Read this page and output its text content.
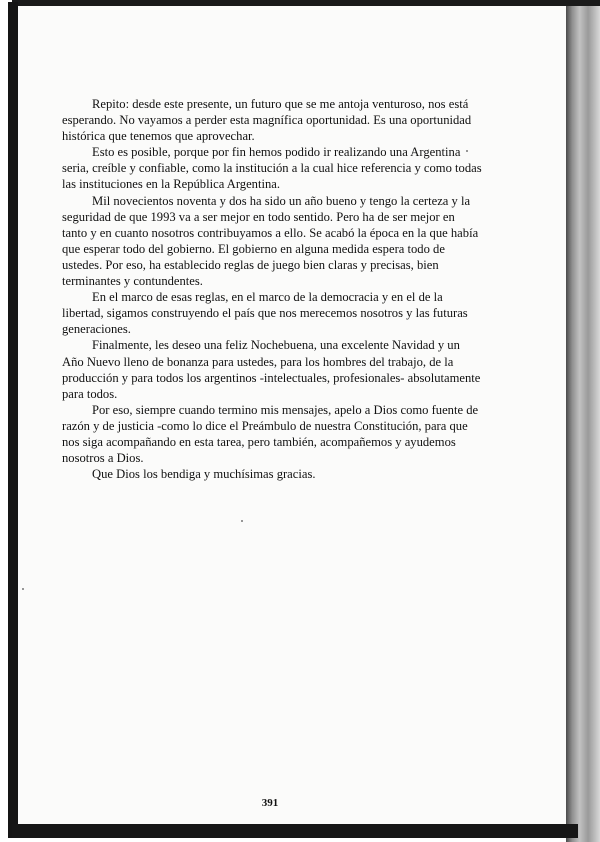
Repito: desde este presente, un futuro que se me antoja venturoso, nos está esperando. No vayamos a perder esta magnífica oportunidad. Es una oportunidad histórica que tenemos que aprovechar.

Esto es posible, porque por fin hemos podido ir realizando una Argentina seria, creíble y confiable, como la institución a la cual hice referencia y como todas las instituciones en la República Argentina.

Mil novecientos noventa y dos ha sido un año bueno y tengo la certeza y la seguridad de que 1993 va a ser mejor en todo sentido. Pero ha de ser mejor en tanto y en cuanto nosotros contribuyamos a ello. Se acabó la época en la que había que esperar todo del gobierno. El gobierno en alguna medida espera todo de ustedes. Por eso, ha establecido reglas de juego bien claras y precisas, bien terminantes y contundentes.

En el marco de esas reglas, en el marco de la democracia y en el de la libertad, sigamos construyendo el país que nos merecemos nosotros y las futuras generaciones.

Finalmente, les deseo una feliz Nochebuena, una excelente Navidad y un Año Nuevo lleno de bonanza para ustedes, para los hombres del trabajo, de la producción y para todos los argentinos -intelectuales, profesionales- absolutamente para todos.

Por eso, siempre cuando termino mis mensajes, apelo a Dios como fuente de razón y de justicia -como lo dice el Preámbulo de nuestra Constitución, para que nos siga acompañando en esta tarea, pero también, acompañemos y ayudemos nosotros a Dios.

Que Dios los bendiga y muchísimas gracias.

391
